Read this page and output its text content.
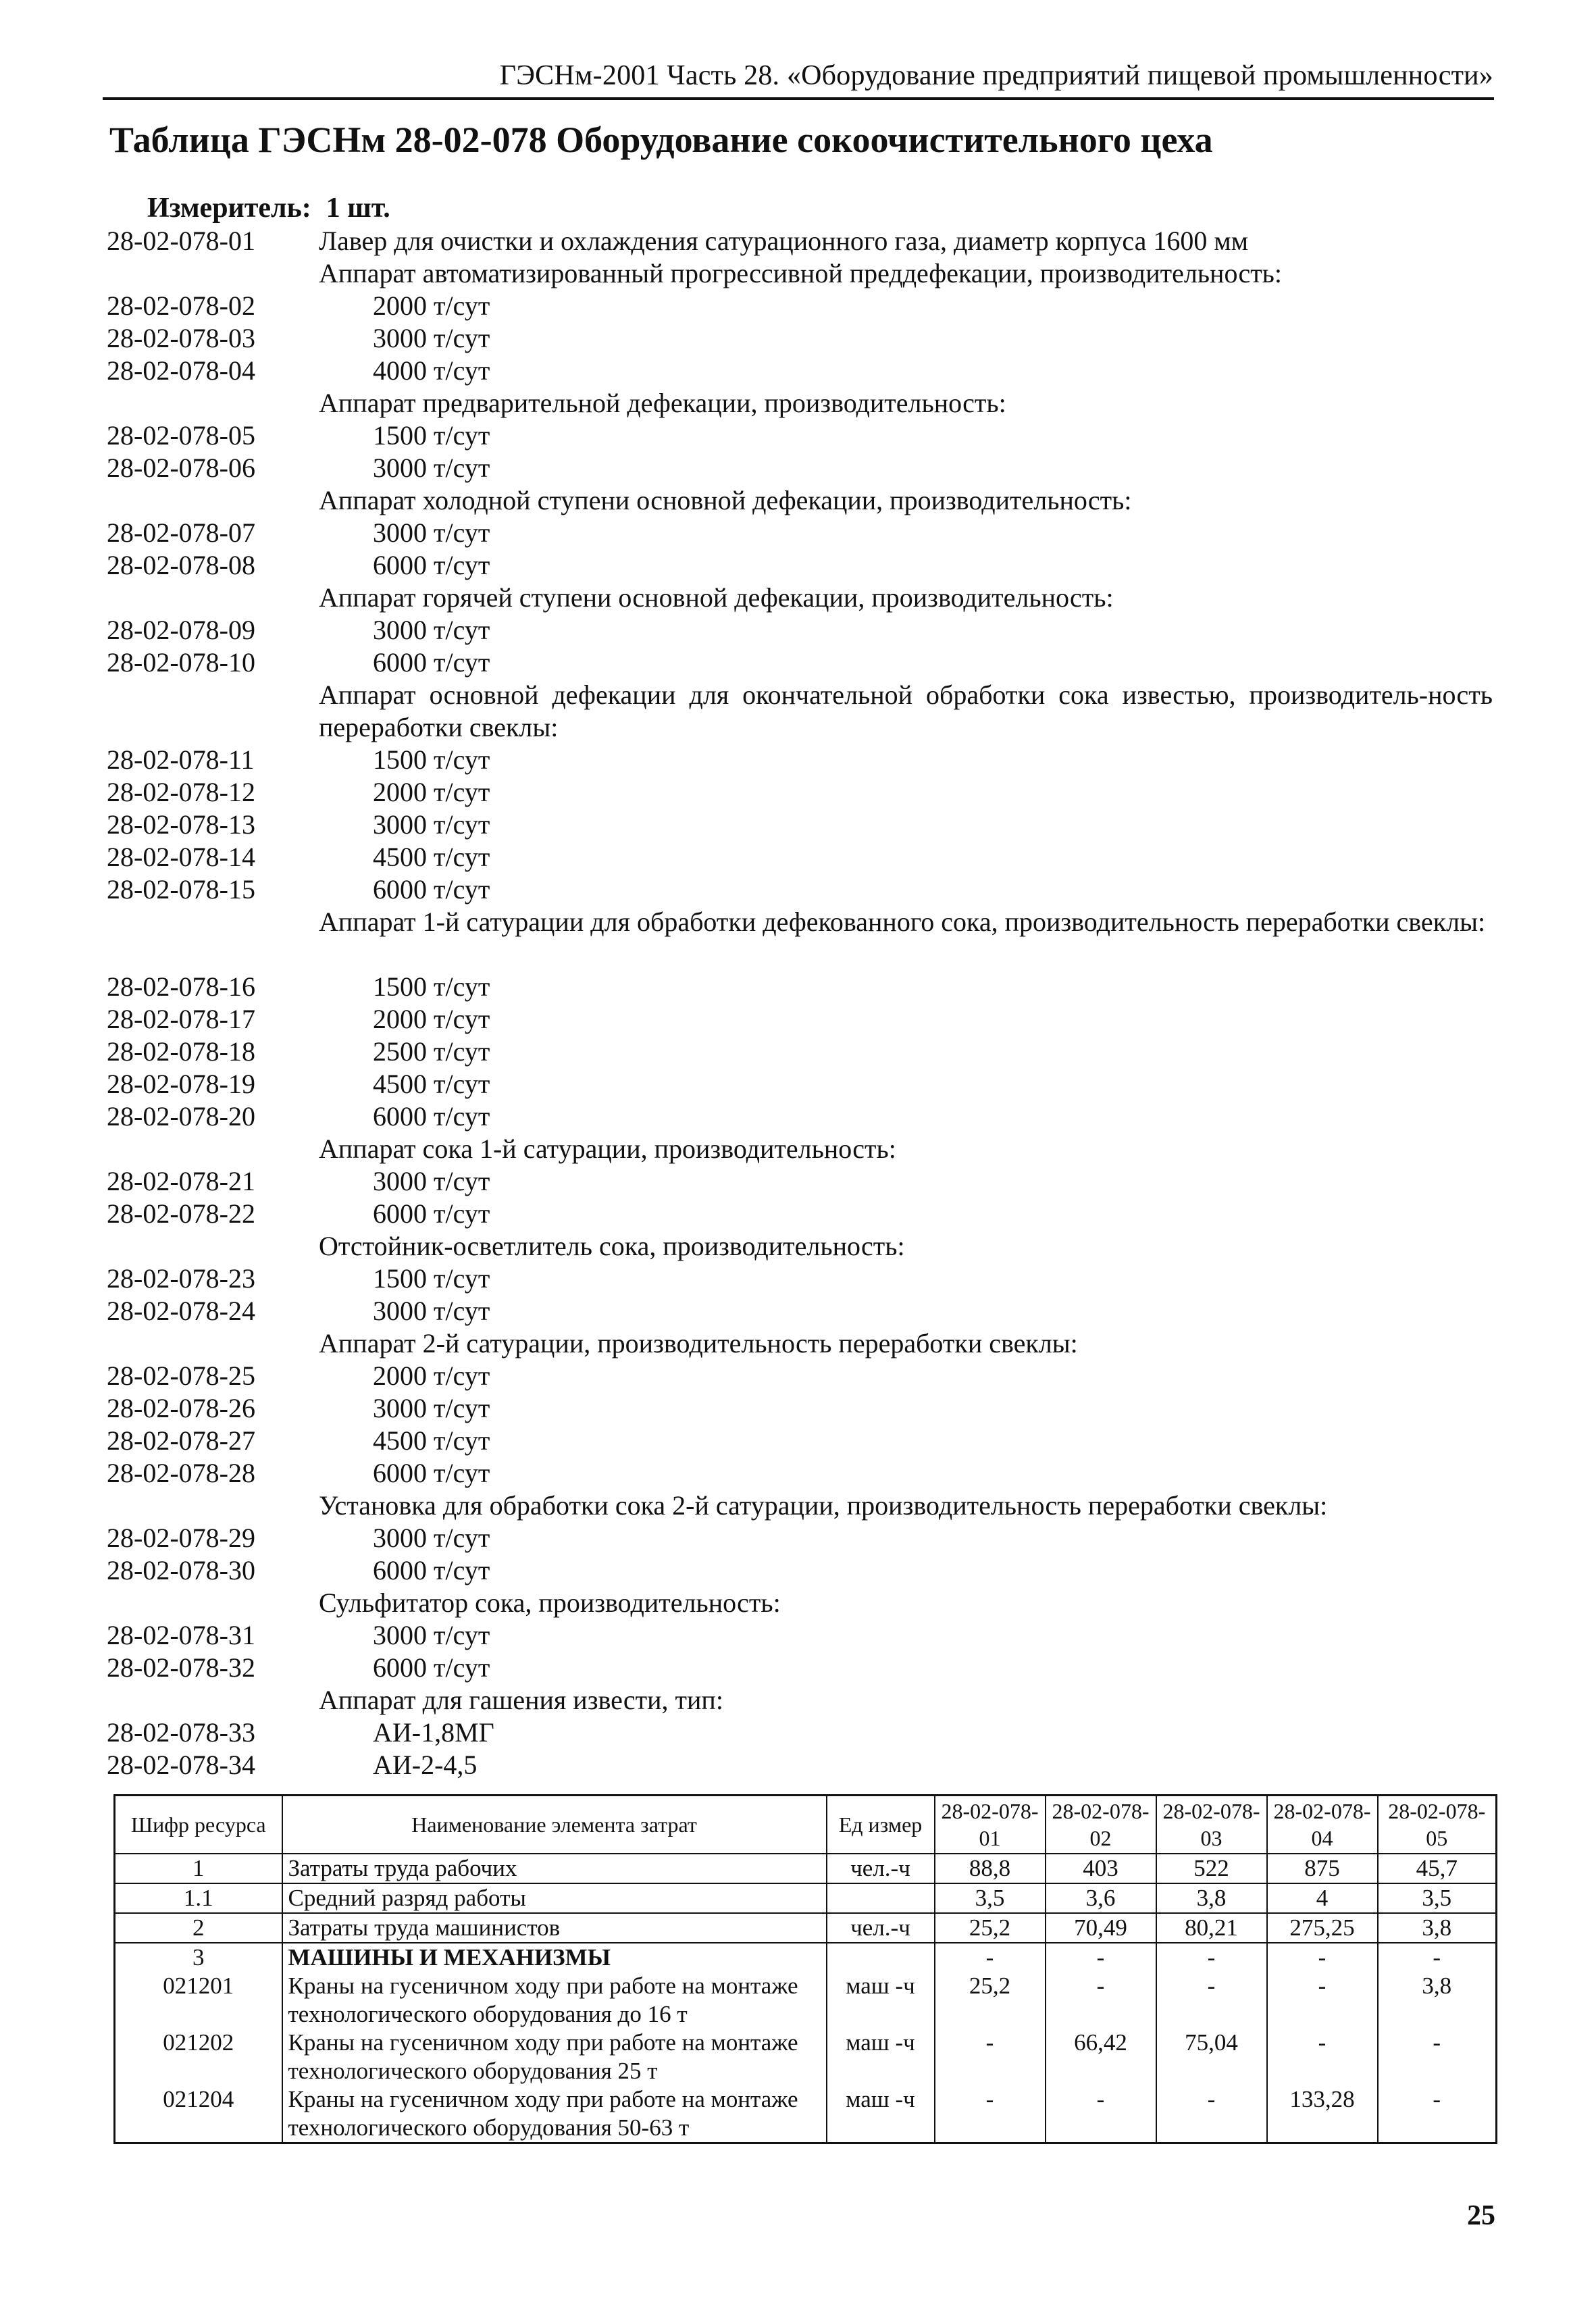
ГЭСНм-2001 Часть 28. «Оборудование предприятий пищевой промышленности»
Таблица ГЭСНм 28-02-078 Оборудование сокоочистительного цеха
Измеритель: 1 шт.
28-02-078-01 Лавер для очистки и охлаждения сатурационного газа, диаметр корпуса 1600 мм
Аппарат автоматизированный прогрессивной преддефекации, производительность:
28-02-078-02	2000 т/сут
28-02-078-03	3000 т/сут
28-02-078-04	4000 т/сут
Аппарат предварительной дефекации, производительность:
28-02-078-05	1500 т/сут
28-02-078-06	3000 т/сут
Аппарат холодной ступени основной дефекации, производительность:
28-02-078-07	3000 т/сут
28-02-078-08	6000 т/сут
Аппарат горячей ступени основной дефекации, производительность:
28-02-078-09	3000 т/сут
28-02-078-10	6000 т/сут
Аппарат основной дефекации для окончательной обработки сока известью, производитель-ность переработки свеклы:
28-02-078-11	1500 т/сут
28-02-078-12	2000 т/сут
28-02-078-13	3000 т/сут
28-02-078-14	4500 т/сут
28-02-078-15	6000 т/сут
Аппарат 1-й сатурации для обработки дефекованного сока, производительность переработки свеклы:
28-02-078-16	1500 т/сут
28-02-078-17	2000 т/сут
28-02-078-18	2500 т/сут
28-02-078-19	4500 т/сут
28-02-078-20	6000 т/сут
Аппарат сока 1-й сатурации, производительность:
28-02-078-21	3000 т/сут
28-02-078-22	6000 т/сут
Отстойник-осветлитель сока, производительность:
28-02-078-23	1500 т/сут
28-02-078-24	3000 т/сут
Аппарат 2-й сатурации, производительность переработки свеклы:
28-02-078-25	2000 т/сут
28-02-078-26	3000 т/сут
28-02-078-27	4500 т/сут
28-02-078-28	6000 т/сут
Установка для обработки сока 2-й сатурации, производительность переработки свеклы:
28-02-078-29	3000 т/сут
28-02-078-30	6000 т/сут
Сульфитатор сока, производительность:
28-02-078-31	3000 т/сут
28-02-078-32	6000 т/сут
Аппарат для гашения извести, тип:
28-02-078-33	АИ-1,8МГ
28-02-078-34	АИ-2-4,5
Шифр ресурса	Наименование элемента затрат	Ед измер	28-02-078-01	28-02-078-02	28-02-078-03	28-02-078-04	28-02-078-05
1	Затраты труда рабочих	чел.-ч	88,8	403	522	875	45,7
1.1	Средний разряд работы		3,5	3,6	3,8	4	3,5
2	Затраты труда машинистов	чел.-ч	25,2	70,49	80,21	275,25	3,8
3	МАШИНЫ И МЕХАНИЗМЫ		-	-	-	-	-
021201	Краны на гусеничном ходу при работе на монтаже технологического оборудования до 16 т	маш -ч	25,2	-	-	-	3,8
021202	Краны на гусеничном ходу при работе на монтаже технологического оборудования 25 т	маш -ч	-	66,42	75,04	-	-
021204	Краны на гусеничном ходу при работе на монтаже технологического оборудования 50-63 т	маш -ч	-	-	-	133,28	-
25
